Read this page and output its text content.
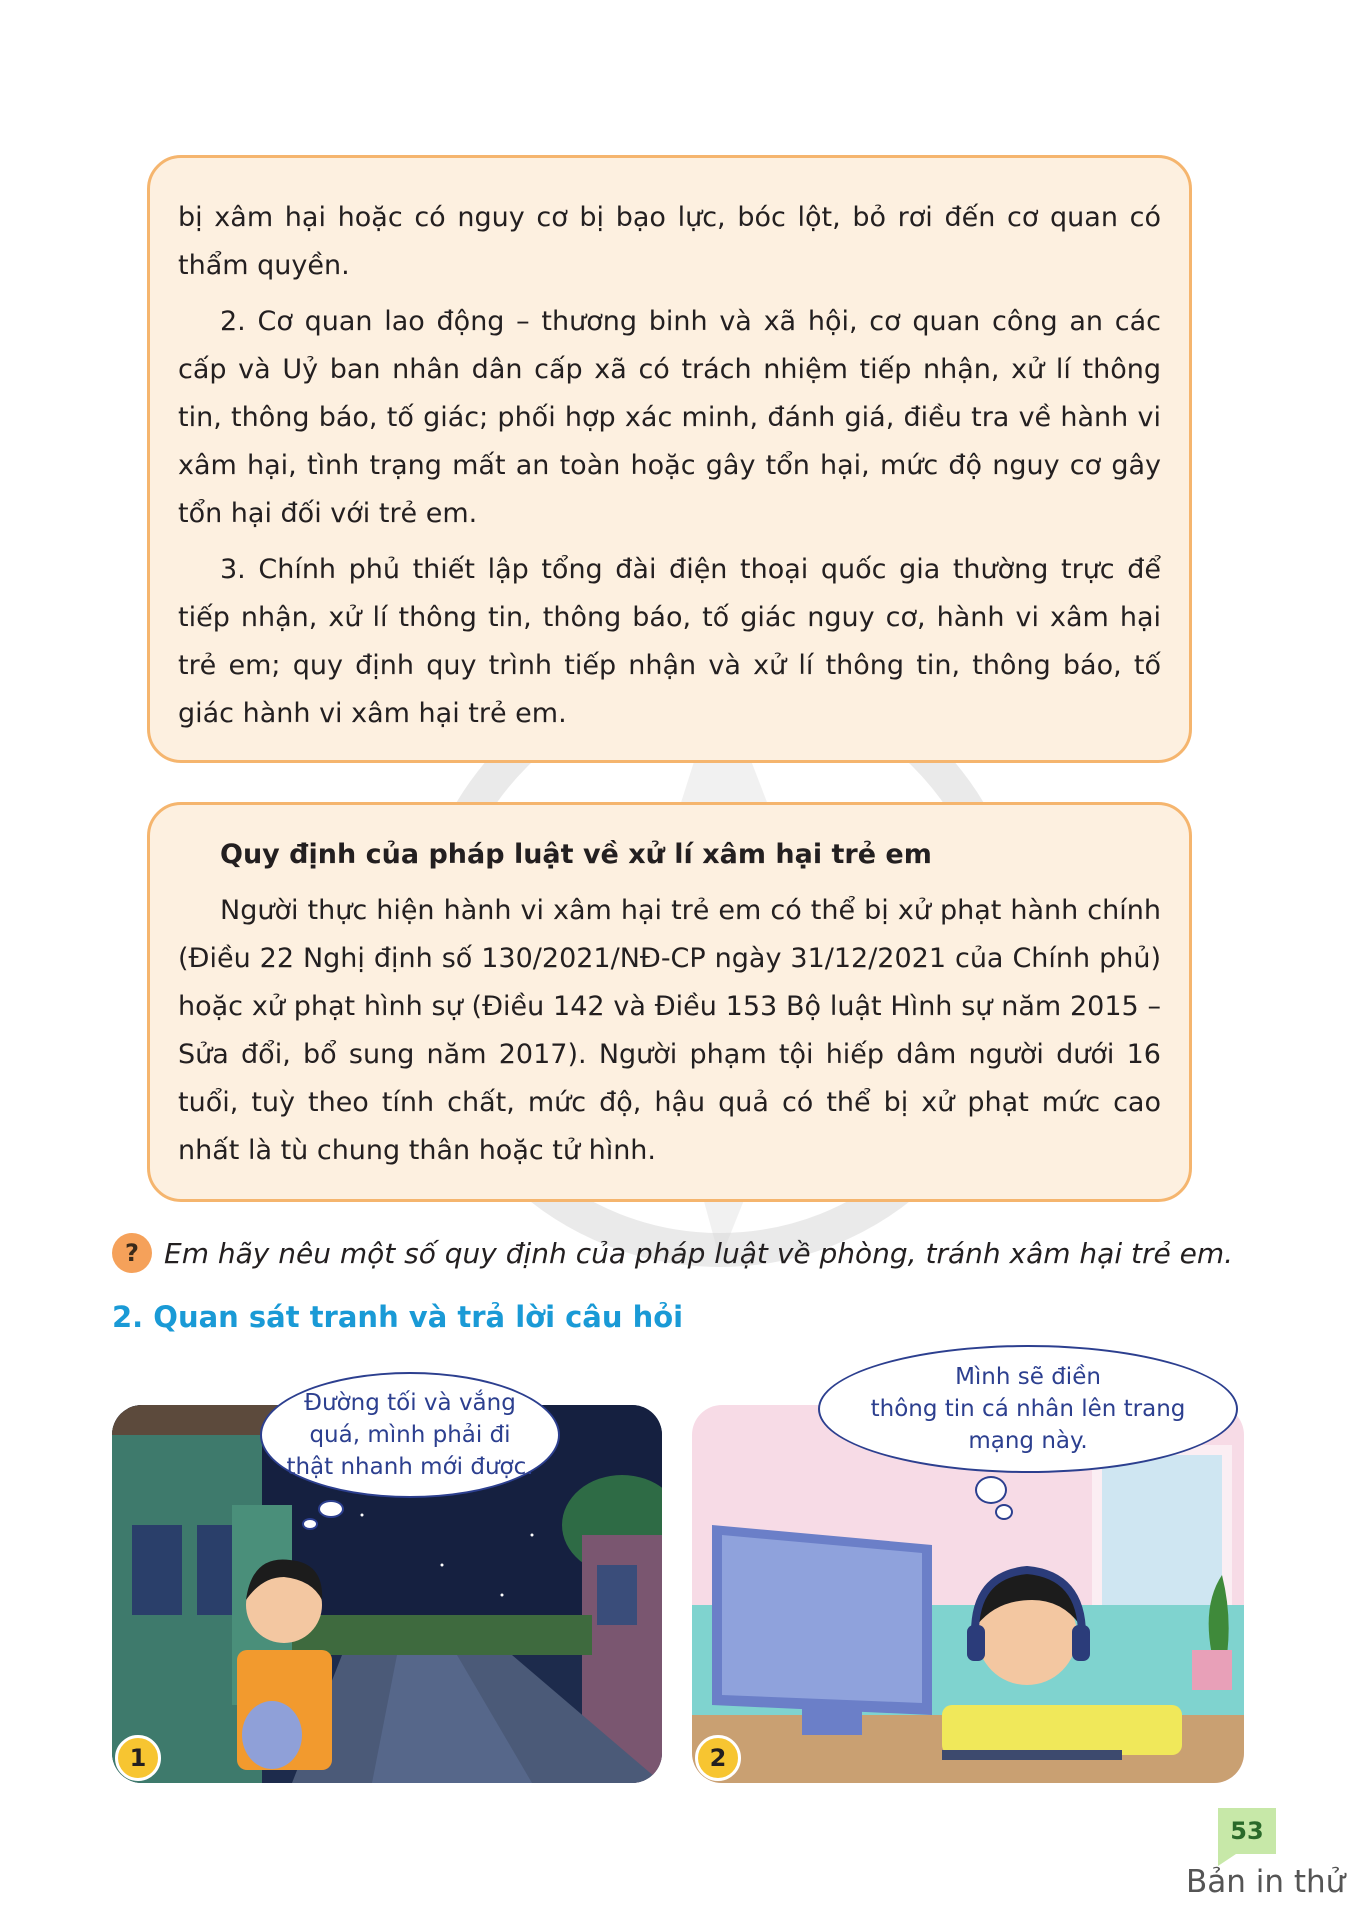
bị xâm hại hoặc có nguy cơ bị bạo lực, bóc lột, bỏ rơi đến cơ quan có thẩm quyền.

2. Cơ quan lao động – thương binh và xã hội, cơ quan công an các cấp và Uỷ ban nhân dân cấp xã có trách nhiệm tiếp nhận, xử lí thông tin, thông báo, tố giác; phối hợp xác minh, đánh giá, điều tra về hành vi xâm hại, tình trạng mất an toàn hoặc gây tổn hại, mức độ nguy cơ gây tổn hại đối với trẻ em.

3. Chính phủ thiết lập tổng đài điện thoại quốc gia thường trực để tiếp nhận, xử lí thông tin, thông báo, tố giác nguy cơ, hành vi xâm hại trẻ em; quy định quy trình tiếp nhận và xử lí thông tin, thông báo, tố giác hành vi xâm hại trẻ em.

Quy định của pháp luật về xử lí xâm hại trẻ em

Người thực hiện hành vi xâm hại trẻ em có thể bị xử phạt hành chính (Điều 22 Nghị định số 130/2021/NĐ-CP ngày 31/12/2021 của Chính phủ) hoặc xử phạt hình sự (Điều 142 và Điều 153 Bộ luật Hình sự năm 2015 – Sửa đổi, bổ sung năm 2017). Người phạm tội hiếp dâm người dưới 16 tuổi, tuỳ theo tính chất, mức độ, hậu quả có thể bị xử phạt mức cao nhất là tù chung thân hoặc tử hình.

? Em hãy nêu một số quy định của pháp luật về phòng, tránh xâm hại trẻ em.
2. Quan sát tranh và trả lời câu hỏi
1	2
Đường tối và vắng
quá, mình phải đi
thật nhanh mới được.
Mình sẽ điền
thông tin cá nhân lên trang
mạng này.
53
Bản in thử
